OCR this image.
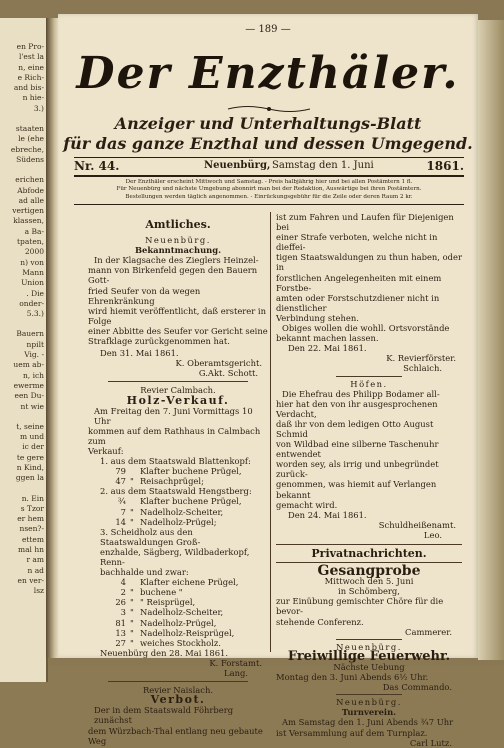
en Pro-
l'est la
n, eine
e Rich-
and bis-
n hie-
3.)
staaten
le (ehe
ebreche,
Südens
erichen
Abfode
ad alle
vertigen
klassen,
a Ba-
tpaten,
2000
n) von
Mann
Union
. Die
onder-
5.3.)
Bauern
npilt
Vig. -
uem ab-
n, ich
ewerme
een Du-
nt wie
t, seine
m und
ic der
te gere
n Kind,
ggen la
n. Ein
s Tzor
er hem
nsen?-
ettem
mal hn
r am
n ad
en ver-
lsz
— 189 —
Der Enzthäler.
Anzeiger und Unterhaltungs-Blatt
für das ganze Enzthal und dessen Umgegend.
Nr. 44.	Neuenbürg, Samstag den 1. Juni	1861.
Der Enzthäler erscheint Mittwoch und Samstag. - Preis halbjährig hier und bei allen Postämtern 1 fl.
Für Neuenbürg und nächste Umgebung abonnirt man bei der Redaktion, Auswärtige bei ihren Postämtern.
Bestellungen werden täglich angenommen. - Einrückungsgebühr für die Zeile oder deren Raum 2 kr.
Amtliches.
Neuenbürg.
Bekanntmachung.
In der Klagsache des Zieglers Heinzel-
mann von Birkenfeld gegen den Bauern Gott-
fried Seufer von da wegen Ehrenkränkung
wird hiemit veröffentlicht, daß ersterer in Folge
einer Abbitte des Seufer vor Gericht seine
Strafklage zurückgenommen hat.
Den 31. Mai 1861.
K. Oberamtsgericht.
G.Akt. Schott.
Revier Calmbach.
Holz-Verkauf.
Am Freitag den 7. Juni Vormittags 10 Uhr
kommen auf dem Rathhaus in Calmbach zum
Verkauf:
1. aus dem Staatswald Blattenkopf:
79	Klafter buchene Prügel,
47 " Reisachprügel;
2. aus dem Staatswald Hengstberg:
¾	Klafter buchene Prügel,
7 " Nadelholz-Scheiter,
14 " Nadelholz-Prügel;
3. Scheidholz aus den Staatswaldungen Groß-
enzhalde, Sägberg, Wildbaderkopf, Renn-
bachhalde und zwar:
4	Klafter eichene Prügel,
2 " buchene "
26 " " Reisprügel,
3 " Nadelholz-Scheiter,
81 " Nadelholz-Prügel,
13 " Nadelholz-Reisprügel,
27 " weiches Stockholz.
Neuenbürg den 28. Mai 1861.
K. Forstamt.
Lang.
Revier Naislach.
Verbot.
Der in dem Staatswald Föhrberg zunächst
dem Würzbach-Thal entlang neu gebaute Weg
ist zum Fahren und Laufen für Diejenigen bei
einer Strafe verboten, welche nicht in dieffei-
tigen Staatswaldungen zu thun haben, oder in
forstlichen Angelegenheiten mit einem Forstbe-
amten oder Forstschutzdiener nicht in dienstlicher
Verbindung stehen.
Obiges wollen die wohll. Ortsvorstände
bekannt machen lassen.
Den 22. Mai 1861.
K. Revierförster.
Schlaich.
Höfen.
Die Ehefrau des Philipp Bodamer all-
hier hat den von ihr ausgesprochenen Verdacht,
daß ihr von dem ledigen Otto August Schmid
von Wildbad eine silberne Taschenuhr entwendet
worden sey, als irrig und unbegründet zurück-
genommen, was hiemit auf Verlangen bekannt
gemacht wird.
Den 24. Mai 1861.
Schuldheißenamt.
Leo.
Privatnachrichten.
Gesangprobe
Mittwoch den 5. Juni
in Schömberg,
zur Einübung gemischter Chöre für die bevor-
stehende Conferenz.
Cammerer.
Neuenbürg.
Freiwillige Feuerwehr.
Nächste Uebung
Montag den 3. Juni Abends 6½ Uhr.
Das Commando.
Neuenbürg.
Turnverein.
Am Samstag den 1. Juni Abends ¾7 Uhr
ist Versammlung auf dem Turnplaz.
Carl Lutz.
